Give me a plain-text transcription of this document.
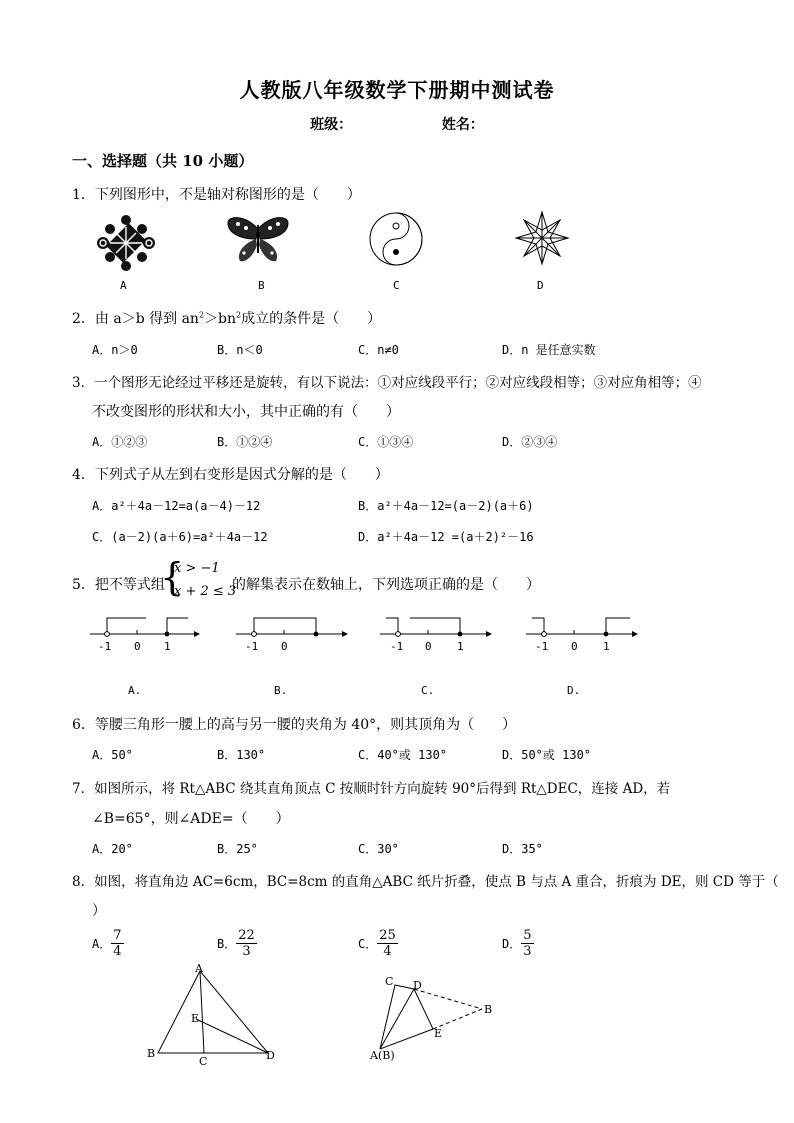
人教版八年级数学下册期中测试卷
班级：	姓名：
一、选择题（共 10 小题）
1．下列图形中，不是轴对称图形的是（　　）
A	B	C	D
2．由 a＞b 得到 $an^2>bn^2$成立的条件是（　　）
A．n＞0	B．n＜0	C．n≠0	D．n 是任意实数
3．一个图形无论经过平移还是旋转，有以下说法：①对应线段平行；②对应线段相等；③对应角相等；④
不改变图形的形状和大小，其中正确的有（　　）
A．①②③	B．①②④	C．①③④	D．②③④
4．下列式子从左到右变形是因式分解的是（　　）
A．a²＋4a－12=a(a－4)－12	B．a²＋4a－12=(a－2)(a＋6)
C．(a－2)(a＋6)=a²＋4a－12	D．a²＋4a－12 =(a＋2)²－16
5．把不等式组
{
x > −1
x + 2 ≤ 3
的解集表示在数轴上，下列选项正确的是（　　）
-1 0 1	-1 0	-1 0 1	-1 0 1
A.	B.	C.	D.
6．等腰三角形一腰上的高与另一腰的夹角为 40°，则其顶角为（　　）
A．50°	B．130°	C．40°或 130°	D．50°或 130°
7．如图所示，将 Rt△ABC 绕其直角顶点 C 按顺时针方向旋转 90°后得到 Rt△DEC，连接 AD，若
∠B=65°，则∠ADE=（　　）
A．20°	B．25°	C．30°	D．35°
8．如图，将直角边 AC=6cm，BC=8cm 的直角△ABC 纸片折叠，使点 B 与点 A 重合，折痕为 DE，则 CD 等于（
）
A． $\frac{7}{4}$	B． $\frac{22}{3}$	C． $\frac{25}{4}$	D． $\frac{5}{3}$
A
E
B
C	D
C D
B
E
A(B)
